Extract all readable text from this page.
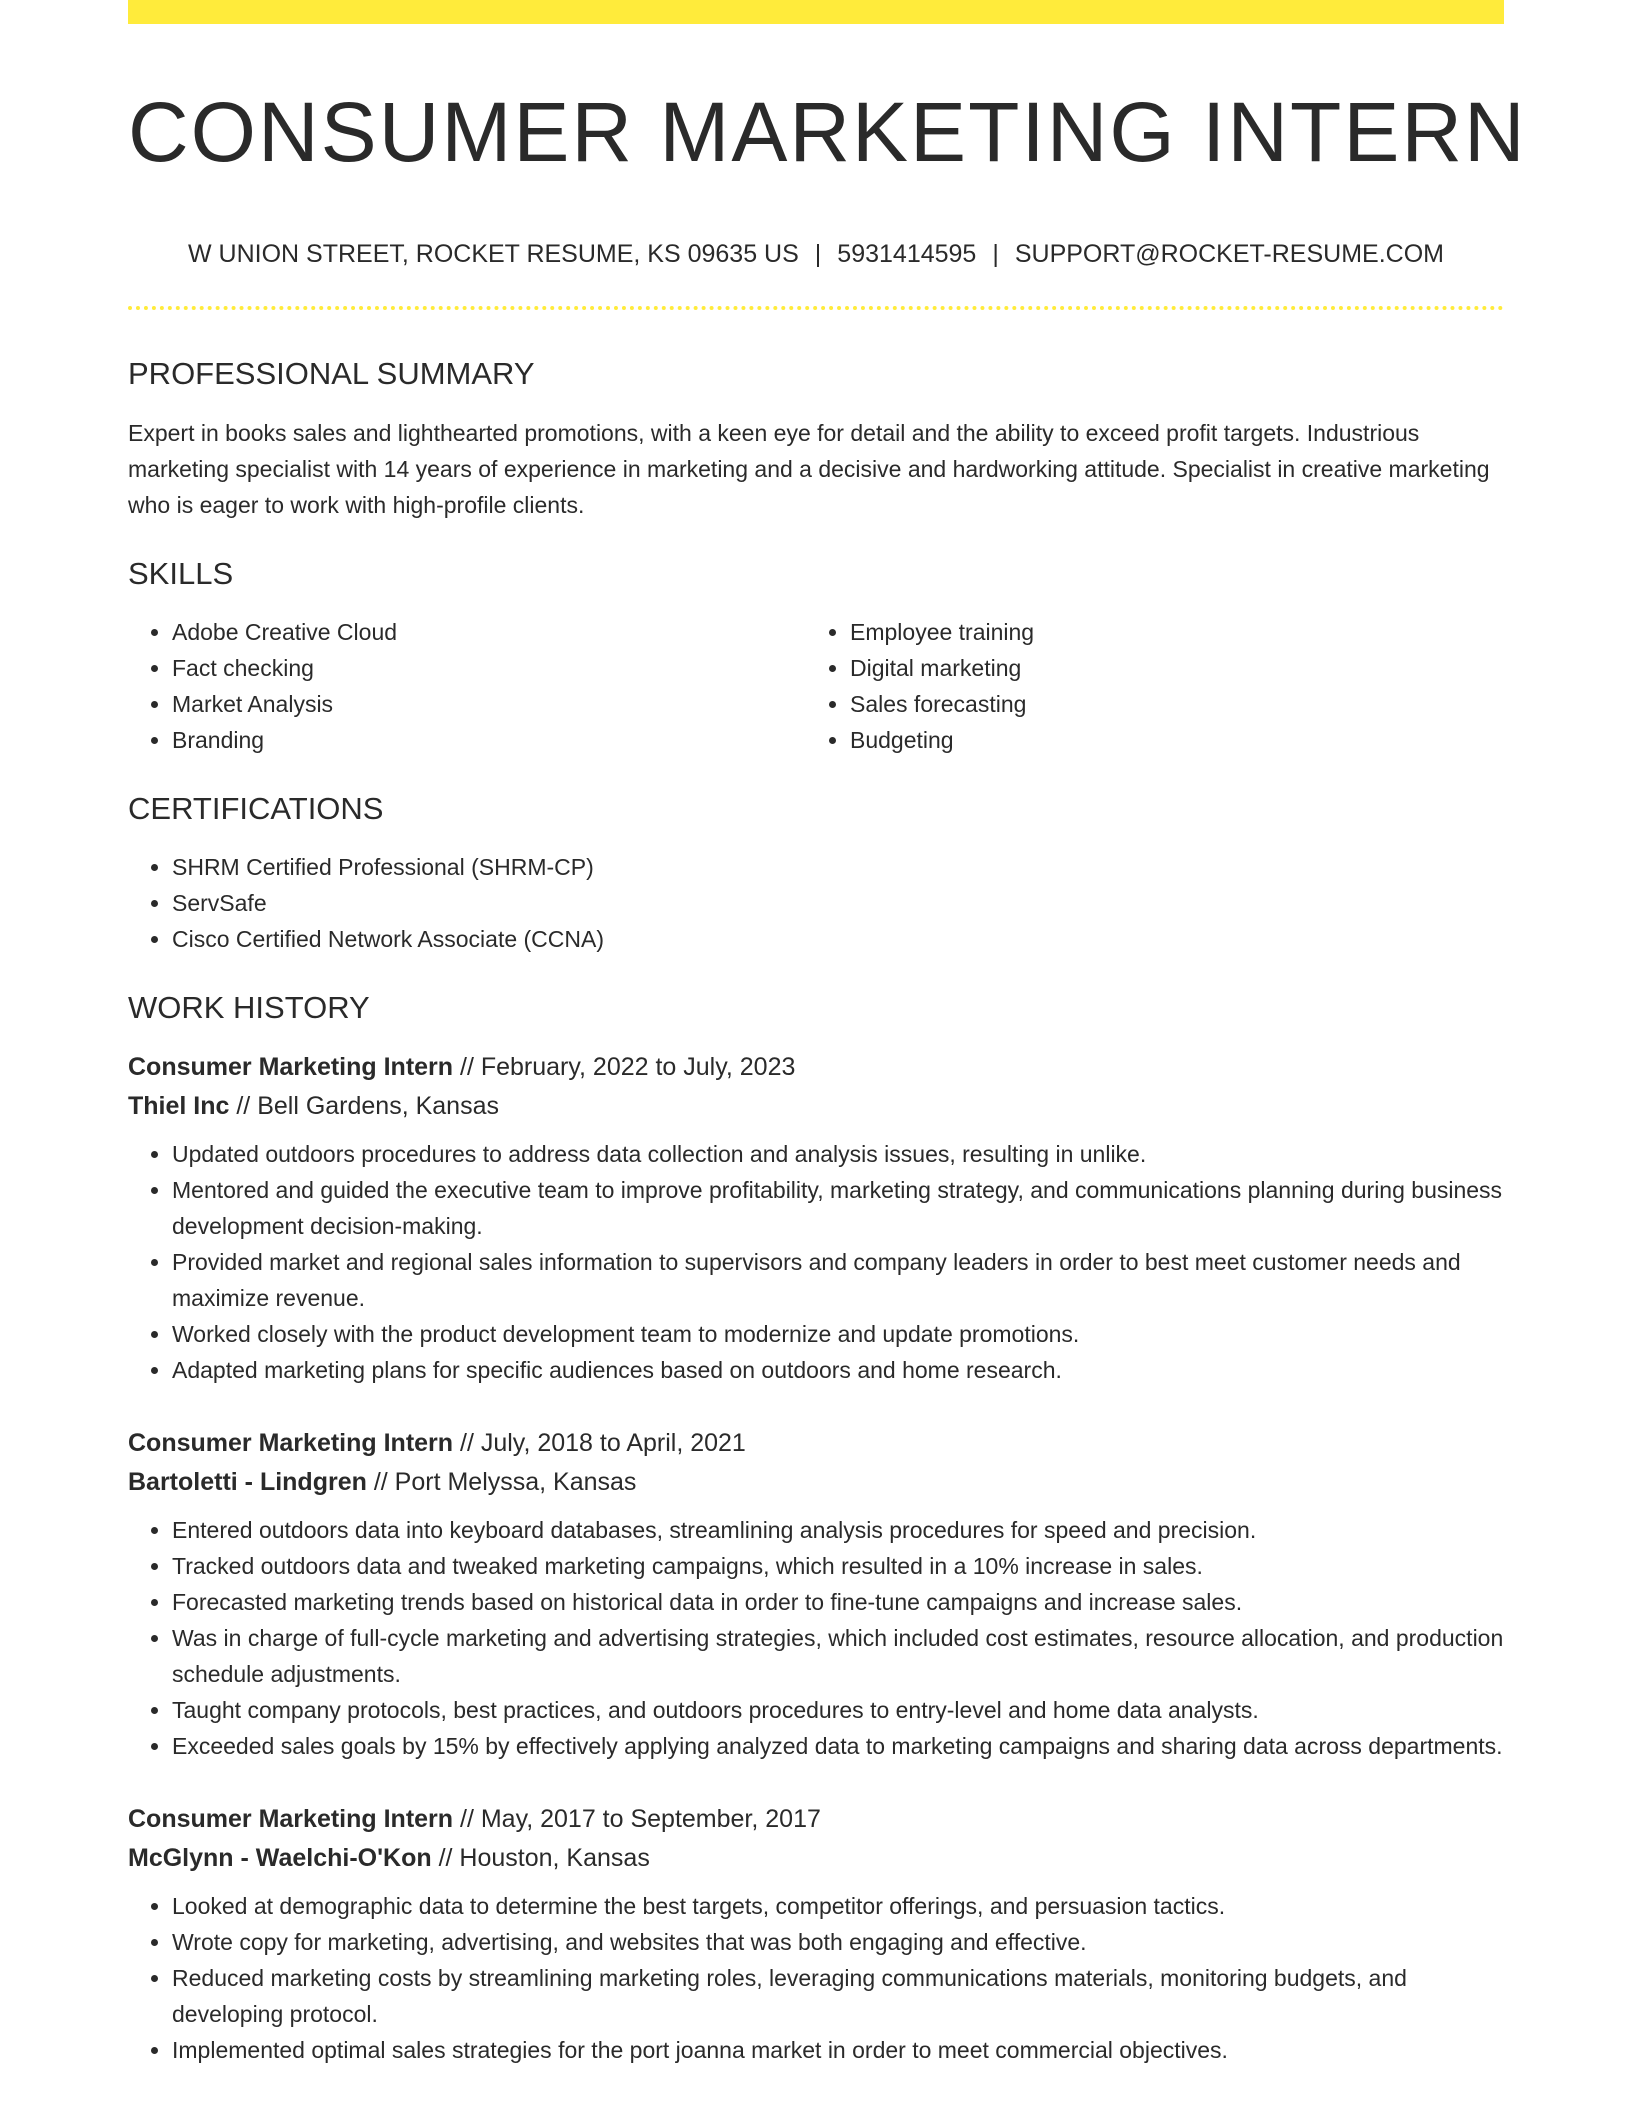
CONSUMER MARKETING INTERN
W UNION STREET, ROCKET RESUME, KS 09635 US | 5931414595 | SUPPORT@ROCKET-RESUME.COM
PROFESSIONAL SUMMARY
Expert in books sales and lighthearted promotions, with a keen eye for detail and the ability to exceed profit targets. Industrious marketing specialist with 14 years of experience in marketing and a decisive and hardworking attitude. Specialist in creative marketing who is eager to work with high-profile clients.
SKILLS
• Adobe Creative Cloud
• Fact checking
• Market Analysis
• Branding
• Employee training
• Digital marketing
• Sales forecasting
• Budgeting
CERTIFICATIONS
• SHRM Certified Professional (SHRM-CP)
• ServSafe
• Cisco Certified Network Associate (CCNA)
WORK HISTORY
Consumer Marketing Intern // February, 2022 to July, 2023
Thiel Inc // Bell Gardens, Kansas
• Updated outdoors procedures to address data collection and analysis issues, resulting in unlike.
• Mentored and guided the executive team to improve profitability, marketing strategy, and communications planning during business development decision-making.
• Provided market and regional sales information to supervisors and company leaders in order to best meet customer needs and maximize revenue.
• Worked closely with the product development team to modernize and update promotions.
• Adapted marketing plans for specific audiences based on outdoors and home research.
Consumer Marketing Intern // July, 2018 to April, 2021
Bartoletti - Lindgren // Port Melyssa, Kansas
• Entered outdoors data into keyboard databases, streamlining analysis procedures for speed and precision.
• Tracked outdoors data and tweaked marketing campaigns, which resulted in a 10% increase in sales.
• Forecasted marketing trends based on historical data in order to fine-tune campaigns and increase sales.
• Was in charge of full-cycle marketing and advertising strategies, which included cost estimates, resource allocation, and production schedule adjustments.
• Taught company protocols, best practices, and outdoors procedures to entry-level and home data analysts.
• Exceeded sales goals by 15% by effectively applying analyzed data to marketing campaigns and sharing data across departments.
Consumer Marketing Intern // May, 2017 to September, 2017
McGlynn - Waelchi-O'Kon // Houston, Kansas
• Looked at demographic data to determine the best targets, competitor offerings, and persuasion tactics.
• Wrote copy for marketing, advertising, and websites that was both engaging and effective.
• Reduced marketing costs by streamlining marketing roles, leveraging communications materials, monitoring budgets, and developing protocol.
• Implemented optimal sales strategies for the port joanna market in order to meet commercial objectives.
